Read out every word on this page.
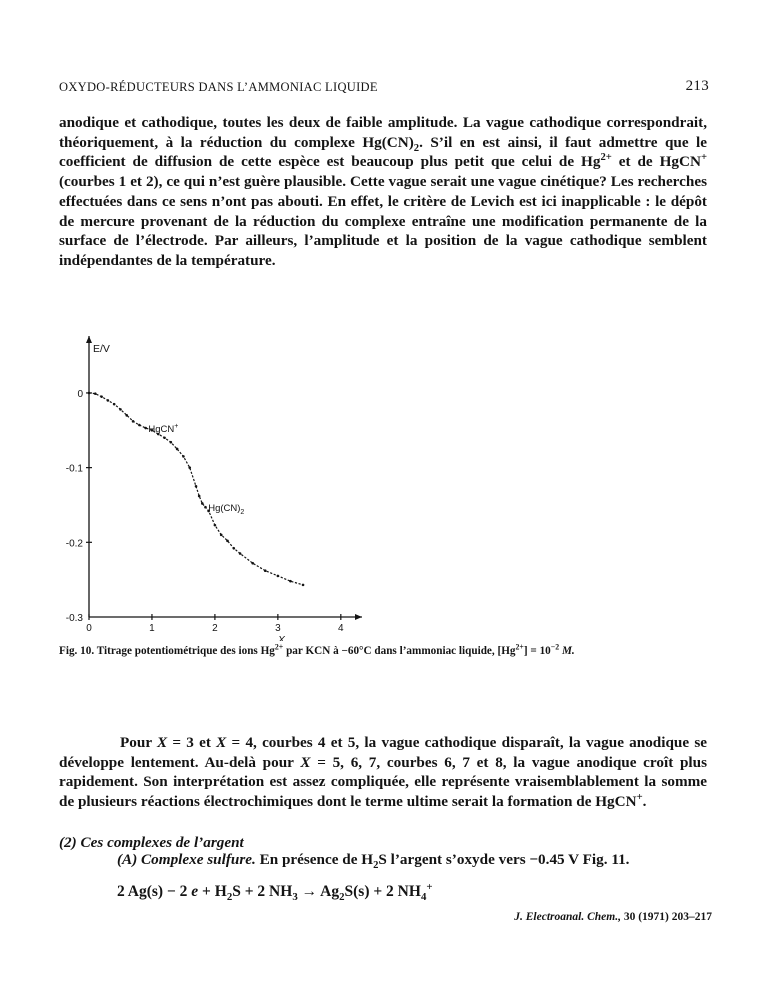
OXYDO-RÉDUCTEURS DANS L’AMMONIAC LIQUIDE	213

anodique et cathodique, toutes les deux de faible amplitude. La vague cathodique correspondrait, théoriquement, à la réduction du complexe $Hg(CN)_2$. S’il en est ainsi, il faut admettre que le coefficient de diffusion de cette espèce est beaucoup plus petit que celui de $Hg^{2+}$ et de HgCN+ (courbes 1 et 2), ce qui n’est guère plausible. Cette vague serait une vague cinétique? Les recherches effectuées dans ce sens n’ont pas abouti. En effet, le critère de Levich est ici inapplicable : le dépôt de mercure provenant de la réduction du complexe entraîne une modification permanente de la surface de l’électrode. Par ailleurs, l’amplitude et la position de la vague cathodique semblent indépendantes de la température.

0
-0.1
-0.2
-0.3
0	1	2	3	4
HgCN+
$Hg(CN)_2$
E/V
X
Fig. 10. Titrage potentiométrique des ions $Hg^{2+}$ par KCN à −60°C dans l’ammoniac liquide, $[Hg^{2+}] = 10^{-2}$ M.

Pour X = 3 et X = 4, courbes 4 et 5, la vague cathodique disparaît, la vague anodique se développe lentement. Au-delà pour X = 5, 6, 7, courbes 6, 7 et 8, la vague anodique croît plus rapidement. Son interprétation est assez compliquée, elle représente vraisemblablement la somme de plusieurs réactions électrochimiques dont le terme ultime serait la formation de HgCN+.

(2) Ces complexes de l’argent
(A) Complexe sulfure. En présence de $H_2S$ l’argent s’oxyde vers −0.45 V Fig. 11.
2 Ag(s) − 2 $e + H_2S + 2$ $NH_3 \to Ag_2S(s) + 2$ $NH_4^+$
J. Electroanal. Chem., 30 (1971) 203–217
